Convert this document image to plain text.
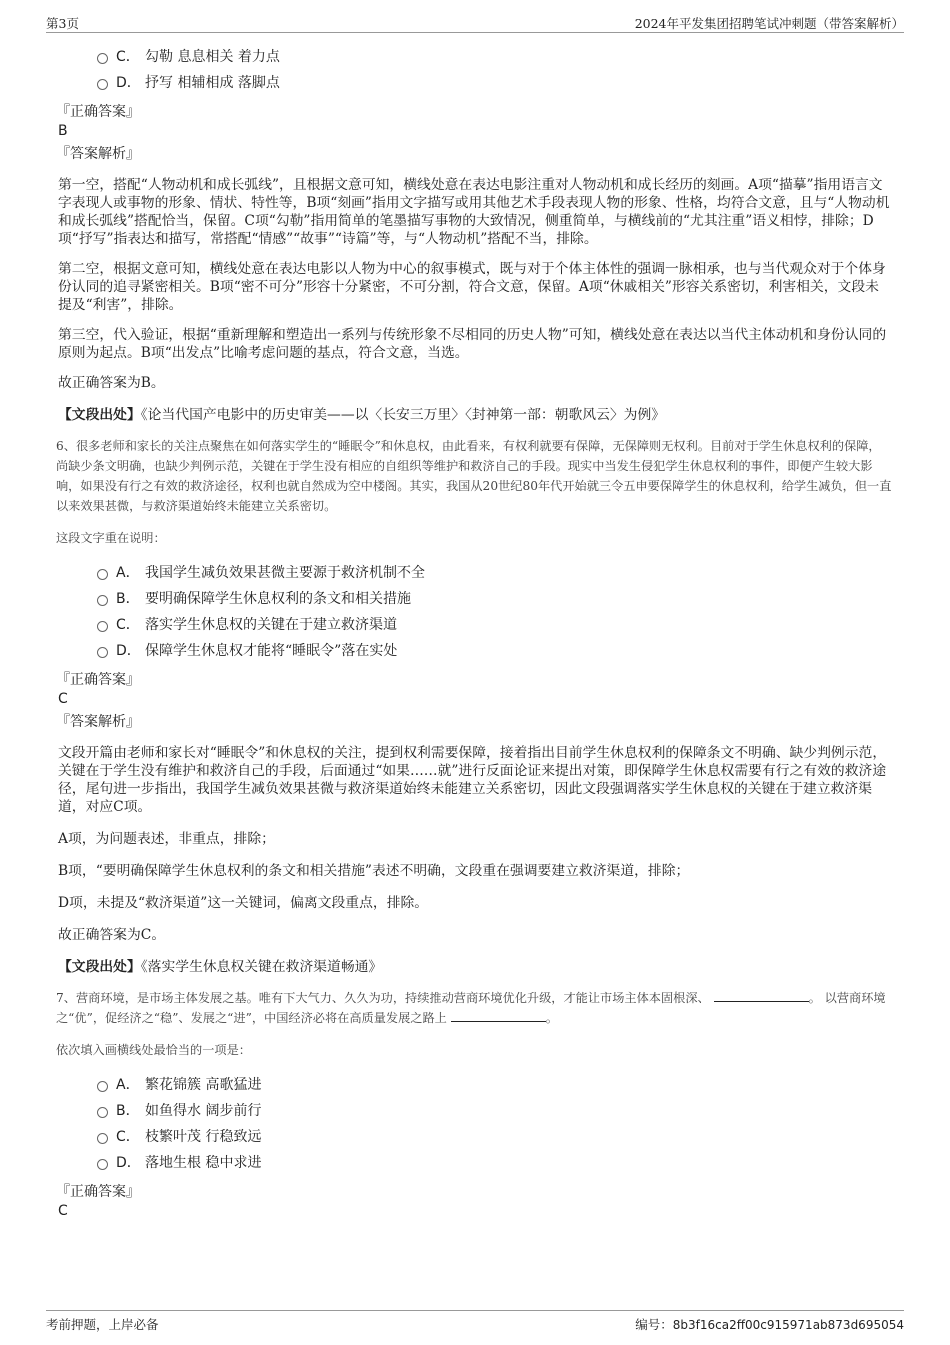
第3页	2024年平发集团招聘笔试冲刺题（带答案解析）
C． 勾勒 息息相关 着力点
D． 抒写 相辅相成 落脚点
『正确答案』
B
『答案解析』

第一空，搭配“人物动机和成长弧线”，且根据文意可知，横线处意在表达电影注重对人物动机和成长经历的刻画。A项“描摹”指用语言文字表现人或事物的形象、情状、特性等，B项“刻画”指用文字描写或用其他艺术手段表现人物的形象、性格，均符合文意，且与“人物动机和成长弧线”搭配恰当，保留。C项“勾勒”指用简单的笔墨描写事物的大致情况，侧重简单，与横线前的“尤其注重”语义相悖，排除；D项“抒写”指表达和描写，常搭配“情感”“故事”“诗篇”等，与“人物动机”搭配不当，排除。

第二空，根据文意可知，横线处意在表达电影以人物为中心的叙事模式，既与对于个体主体性的强调一脉相承，也与当代观众对于个体身份认同的追寻紧密相关。B项“密不可分”形容十分紧密，不可分割，符合文意，保留。A项“休戚相关”形容关系密切，利害相关，文段未提及“利害”，排除。

第三空，代入验证，根据“重新理解和塑造出一系列与传统形象不尽相同的历史人物”可知，横线处意在表达以当代主体动机和身份认同的原则为起点。B项“出发点”比喻考虑问题的基点，符合文意，当选。

故正确答案为B。

【文段出处】《论当代国产电影中的历史审美——以〈长安三万里〉〈封神第一部：朝歌风云〉为例》

6、很多老师和家长的关注点聚焦在如何落实学生的“睡眠令”和休息权，由此看来，有权利就要有保障，无保障则无权利。目前对于学生休息权利的保障，尚缺少条文明确，也缺少判例示范，关键在于学生没有相应的自组织等维护和救济自己的手段。现实中当发生侵犯学生休息权利的事件，即便产生较大影响，如果没有行之有效的救济途径，权利也就自然成为空中楼阁。其实，我国从20世纪80年代开始就三令五申要保障学生的休息权利，给学生减负，但一直以来效果甚微，与救济渠道始终未能建立关系密切。

这段文字重在说明：

A． 我国学生减负效果甚微主要源于救济机制不全
B． 要明确保障学生休息权利的条文和相关措施
C． 落实学生休息权的关键在于建立救济渠道
D． 保障学生休息权才能将“睡眠令”落在实处
『正确答案』
C
『答案解析』

文段开篇由老师和家长对“睡眠令”和休息权的关注，提到权利需要保障，接着指出目前学生休息权利的保障条文不明确、缺少判例示范，关键在于学生没有维护和救济自己的手段，后面通过“如果……就”进行反面论证来提出对策，即保障学生休息权需要有行之有效的救济途径，尾句进一步指出，我国学生减负效果甚微与救济渠道始终未能建立关系密切，因此文段强调落实学生休息权的关键在于建立救济渠道，对应C项。

A项，为问题表述，非重点，排除；

B项，“要明确保障学生休息权利的条文和相关措施”表述不明确，文段重在强调要建立救济渠道，排除；

D项，未提及“救济渠道”这一关键词，偏离文段重点，排除。

故正确答案为C。

【文段出处】《落实学生休息权关键在救济渠道畅通》

7、营商环境，是市场主体发展之基。唯有下大气力、久久为功，持续推动营商环境优化升级，才能让市场主体本固根深、	。 以营商环境之“优”，促经济之“稳”、发展之“进”，中国经济必将在高质量发展之路上	。

依次填入画横线处最恰当的一项是：

A． 繁花锦簇 高歌猛进
B． 如鱼得水 阔步前行
C． 枝繁叶茂 行稳致远
D． 落地生根 稳中求进
『正确答案』
C
考前押题，上岸必备	编号：8b3f16ca2ff00c915971ab873d695054
